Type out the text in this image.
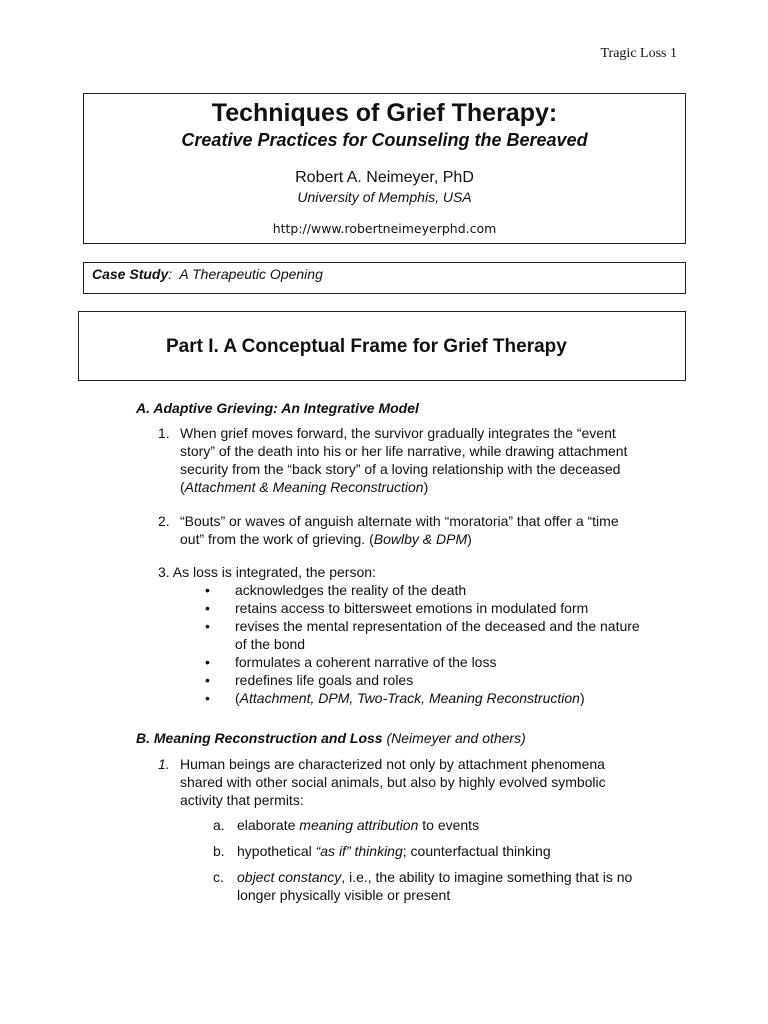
Tragic Loss 1
Techniques of Grief Therapy:
Creative Practices for Counseling the Bereaved
Robert A. Neimeyer, PhD
University of Memphis, USA
http://www.robertneimeyerphd.com
Case Study:  A Therapeutic Opening
Part I. A Conceptual Frame for Grief Therapy
A. Adaptive Grieving: An Integrative Model
1. When grief moves forward, the survivor gradually integrates the “event
story” of the death into his or her life narrative, while drawing attachment
security from the “back story” of a loving relationship with the deceased
(Attachment & Meaning Reconstruction)
2. “Bouts” or waves of anguish alternate with “moratoria” that offer a “time
out” from the work of grieving. (Bowlby & DPM)
3. As loss is integrated, the person:
• acknowledges the reality of the death
• retains access to bittersweet emotions in modulated form
• revises the mental representation of the deceased and the nature
of the bond
• formulates a coherent narrative of the loss
• redefines life goals and roles
• (Attachment, DPM, Two-Track, Meaning Reconstruction)
B. Meaning Reconstruction and Loss (Neimeyer and others)
1. Human beings are characterized not only by attachment phenomena
shared with other social animals, but also by highly evolved symbolic
activity that permits:
a. elaborate meaning attribution to events
b. hypothetical “as if” thinking; counterfactual thinking
c. object constancy, i.e., the ability to imagine something that is no
longer physically visible or present
